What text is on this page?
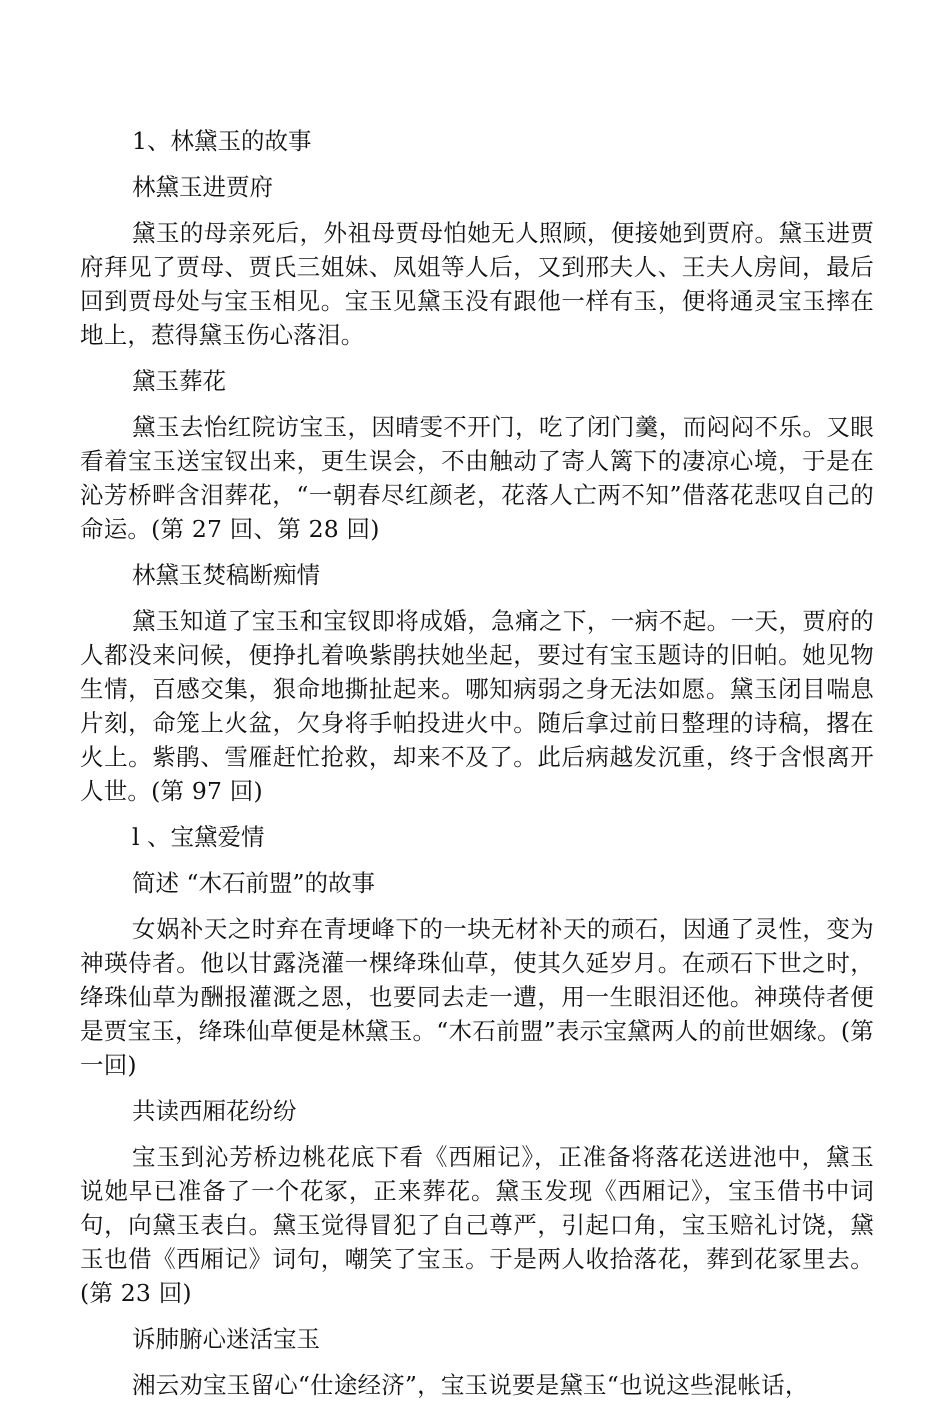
1、林黛玉的故事

林黛玉进贾府

黛玉的母亲死后，外祖母贾母怕她无人照顾，便接她到贾府。黛玉进贾府拜见了贾母、贾氏三姐妹、凤姐等人后，又到邢夫人、王夫人房间，最后回到贾母处与宝玉相见。宝玉见黛玉没有跟他一样有玉，便将通灵宝玉摔在地上，惹得黛玉伤心落泪。

黛玉葬花

黛玉去怡红院访宝玉，因晴雯不开门，吃了闭门羹，而闷闷不乐。又眼看着宝玉送宝钗出来，更生误会，不由触动了寄人篱下的凄凉心境，于是在沁芳桥畔含泪葬花，“一朝春尽红颜老，花落人亡两不知”借落花悲叹自己的命运。(第 27 回、第 28 回)

林黛玉焚稿断痴情

黛玉知道了宝玉和宝钗即将成婚，急痛之下，一病不起。一天，贾府的人都没来问候，便挣扎着唤紫鹃扶她坐起，要过有宝玉题诗的旧帕。她见物生情，百感交集，狠命地撕扯起来。哪知病弱之身无法如愿。黛玉闭目喘息片刻，命笼上火盆，欠身将手帕投进火中。随后拿过前日整理的诗稿，撂在火上。紫鹃、雪雁赶忙抢救，却来不及了。此后病越发沉重，终于含恨离开人世。(第 97 回)

l 、宝黛爱情

简述 “木石前盟”的故事

女娲补天之时弃在青埂峰下的一块无材补天的顽石，因通了灵性，变为神瑛侍者。他以甘露浇灌一棵绛珠仙草，使其久延岁月。在顽石下世之时，绛珠仙草为酬报灌溉之恩，也要同去走一遭，用一生眼泪还他。神瑛侍者便是贾宝玉，绛珠仙草便是林黛玉。“木石前盟”表示宝黛两人的前世姻缘。(第一回)

共读西厢花纷纷

宝玉到沁芳桥边桃花底下看《西厢记》，正准备将落花送进池中，黛玉说她早已准备了一个花冢，正来葬花。黛玉发现《西厢记》，宝玉借书中词句，向黛玉表白。黛玉觉得冒犯了自己尊严，引起口角，宝玉赔礼讨饶，黛玉也借《西厢记》词句，嘲笑了宝玉。于是两人收拾落花，葬到花冢里去。(第 23 回)

诉肺腑心迷活宝玉

湘云劝宝玉留心“仕途经济”，宝玉说要是黛玉“也说这些混帐话，
